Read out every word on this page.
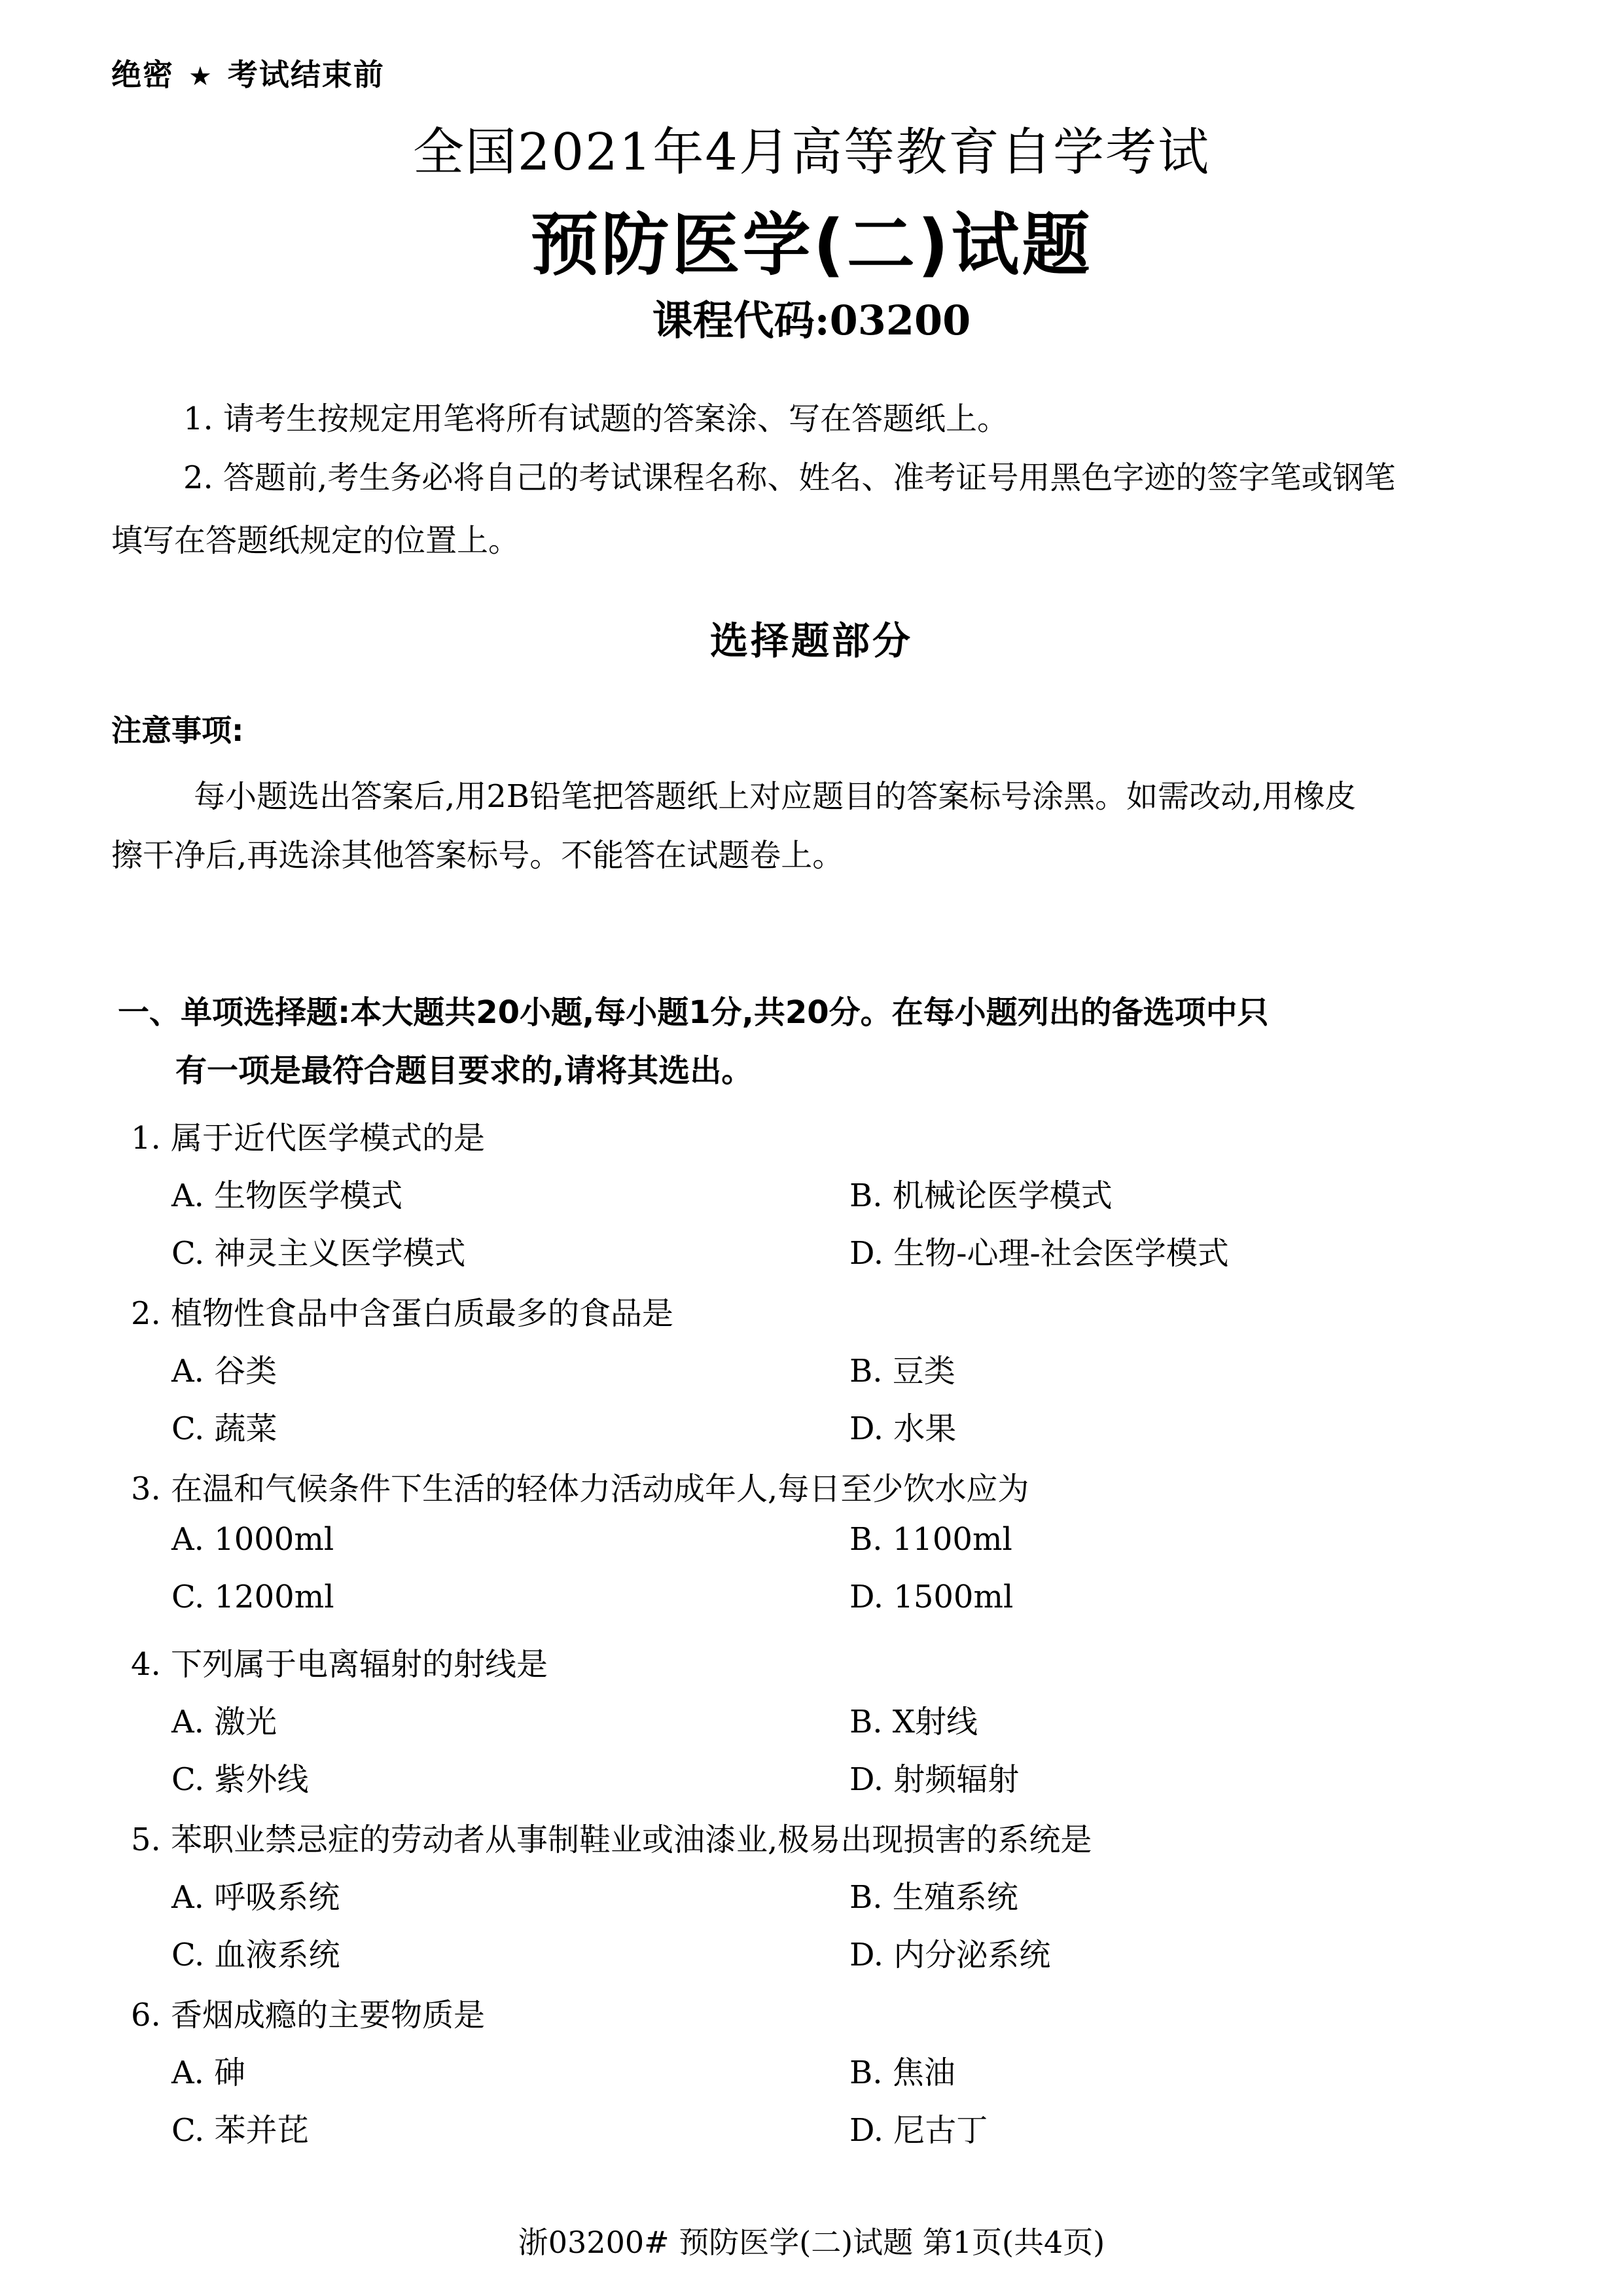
绝密 ★ 考试结束前
全国2021年4月高等教育自学考试
预防医学(二)试题
课程代码:03200
1. 请考生按规定用笔将所有试题的答案涂、写在答题纸上。
2. 答题前,考生务必将自己的考试课程名称、姓名、准考证号用黑色字迹的签字笔或钢笔
填写在答题纸规定的位置上。
选择题部分
注意事项:
每小题选出答案后,用2B铅笔把答题纸上对应题目的答案标号涂黑。如需改动,用橡皮
擦干净后,再选涂其他答案标号。不能答在试题卷上。
一、单项选择题:本大题共20小题,每小题1分,共20分。在每小题列出的备选项中只
有一项是最符合题目要求的,请将其选出。
1. 属于近代医学模式的是
A. 生物医学模式	B. 机械论医学模式
C. 神灵主义医学模式	D. 生物-心理-社会医学模式
2. 植物性食品中含蛋白质最多的食品是
A. 谷类	B. 豆类
C. 蔬菜	D. 水果
3. 在温和气候条件下生活的轻体力活动成年人,每日至少饮水应为
A. 1000ml	B. 1100ml
C. 1200ml	D. 1500ml
4. 下列属于电离辐射的射线是
A. 激光	B. X射线
C. 紫外线	D. 射频辐射
5. 苯职业禁忌症的劳动者从事制鞋业或油漆业,极易出现损害的系统是
A. 呼吸系统	B. 生殖系统
C. 血液系统	D. 内分泌系统
6. 香烟成瘾的主要物质是
A. 砷	B. 焦油
C. 苯并芘	D. 尼古丁
浙03200# 预防医学(二)试题 第1页(共4页)
